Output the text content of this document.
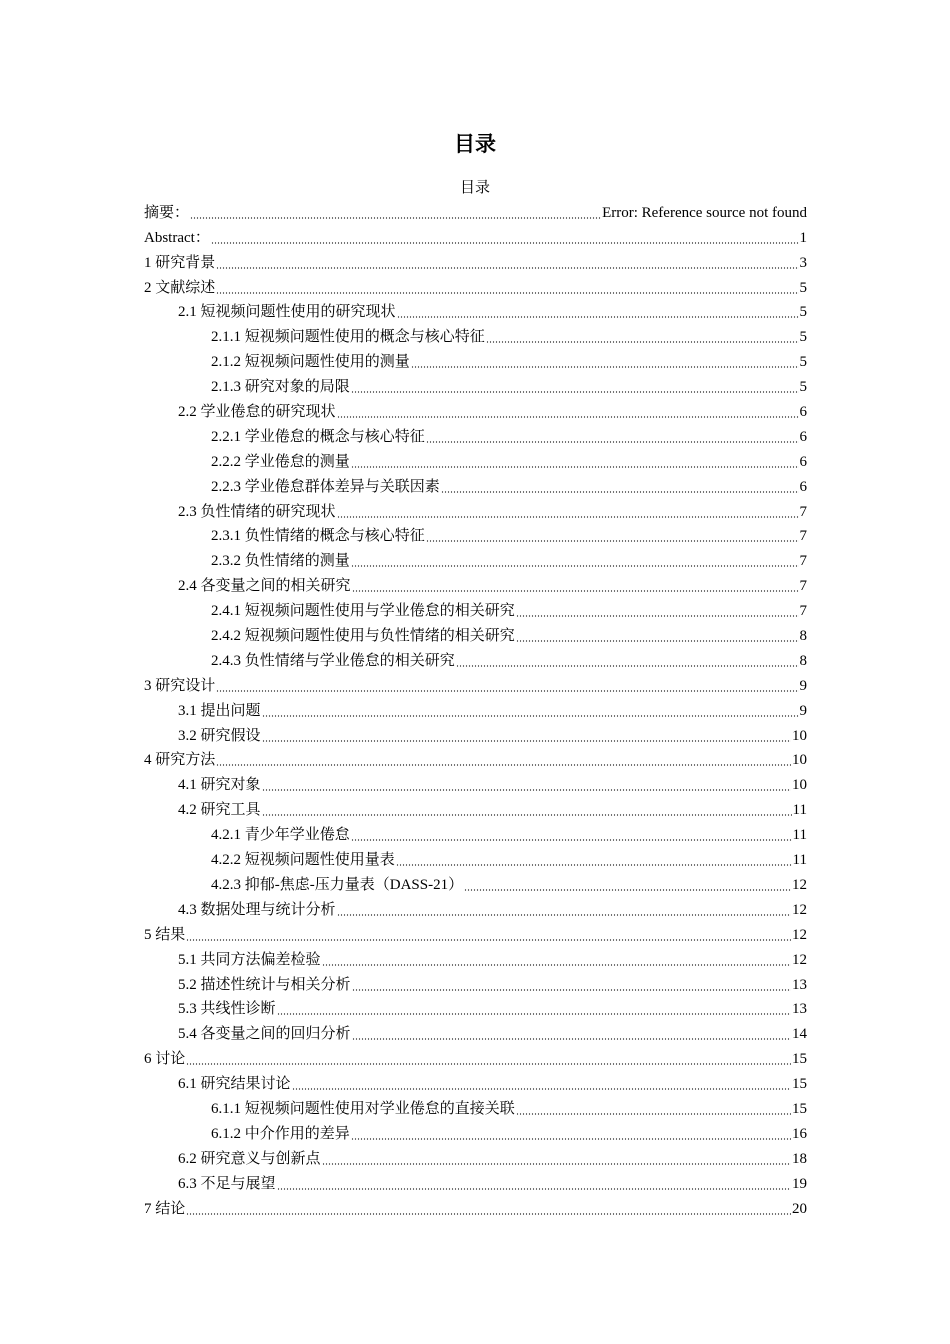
目录
目录
摘要：	Error: Reference source not found
Abstract：	1
1 研究背景	3
2 文献综述	5
2.1 短视频问题性使用的研究现状	5
2.1.1 短视频问题性使用的概念与核心特征	5
2.1.2 短视频问题性使用的测量	5
2.1.3 研究对象的局限	5
2.2 学业倦怠的研究现状	6
2.2.1 学业倦怠的概念与核心特征	6
2.2.2 学业倦怠的测量	6
2.2.3 学业倦怠群体差异与关联因素	6
2.3 负性情绪的研究现状	7
2.3.1 负性情绪的概念与核心特征	7
2.3.2 负性情绪的测量	7
2.4 各变量之间的相关研究	7
2.4.1 短视频问题性使用与学业倦怠的相关研究	7
2.4.2 短视频问题性使用与负性情绪的相关研究	8
2.4.3 负性情绪与学业倦怠的相关研究	8
3 研究设计	9
3.1 提出问题	9
3.2 研究假设	10
4 研究方法	10
4.1 研究对象	10
4.2 研究工具	11
4.2.1 青少年学业倦怠	11
4.2.2 短视频问题性使用量表	11
4.2.3 抑郁-焦虑-压力量表（DASS-21）	12
4.3 数据处理与统计分析	12
5 结果	12
5.1 共同方法偏差检验	12
5.2 描述性统计与相关分析	13
5.3 共线性诊断	13
5.4 各变量之间的回归分析	14
6 讨论	15
6.1 研究结果讨论	15
6.1.1 短视频问题性使用对学业倦怠的直接关联	15
6.1.2 中介作用的差异	16
6.2 研究意义与创新点	18
6.3 不足与展望	19
7 结论	20
